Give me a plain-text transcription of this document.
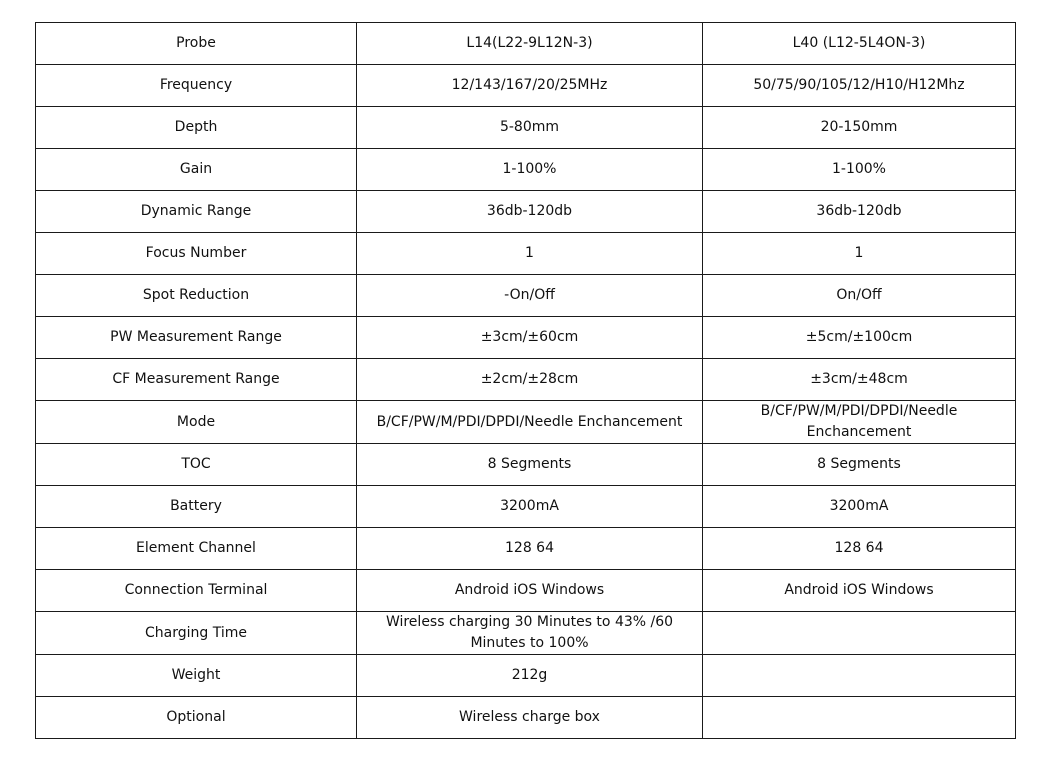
Probe	L14(L22-9L12N-3)	L40 (L12-5L4ON-3)
Frequency	12/143/167/20/25MHz	50/75/90/105/12/H10/H12Mhz
Depth	5-80mm	20-150mm
Gain	1-100%	1-100%
Dynamic Range	36db-120db	36db-120db
Focus Number	1	1
Spot Reduction	-On/Off	On/Off
PW Measurement Range	±3cm/±60cm	±5cm/±100cm
CF Measurement Range	±2cm/±28cm	±3cm/±48cm
Mode	B/CF/PW/M/PDI/DPDI/Needle Enchancement	B/CF/PW/M/PDI/DPDI/Needle Enchancement
TOC	8 Segments	8 Segments
Battery	3200mA	3200mA
Element Channel	128 64	128 64
Connection Terminal	Android iOS Windows	Android iOS Windows
Charging Time	Wireless charging 30 Minutes to 43% /60 Minutes to 100%	
Weight	212g	
Optional	Wireless charge box	
